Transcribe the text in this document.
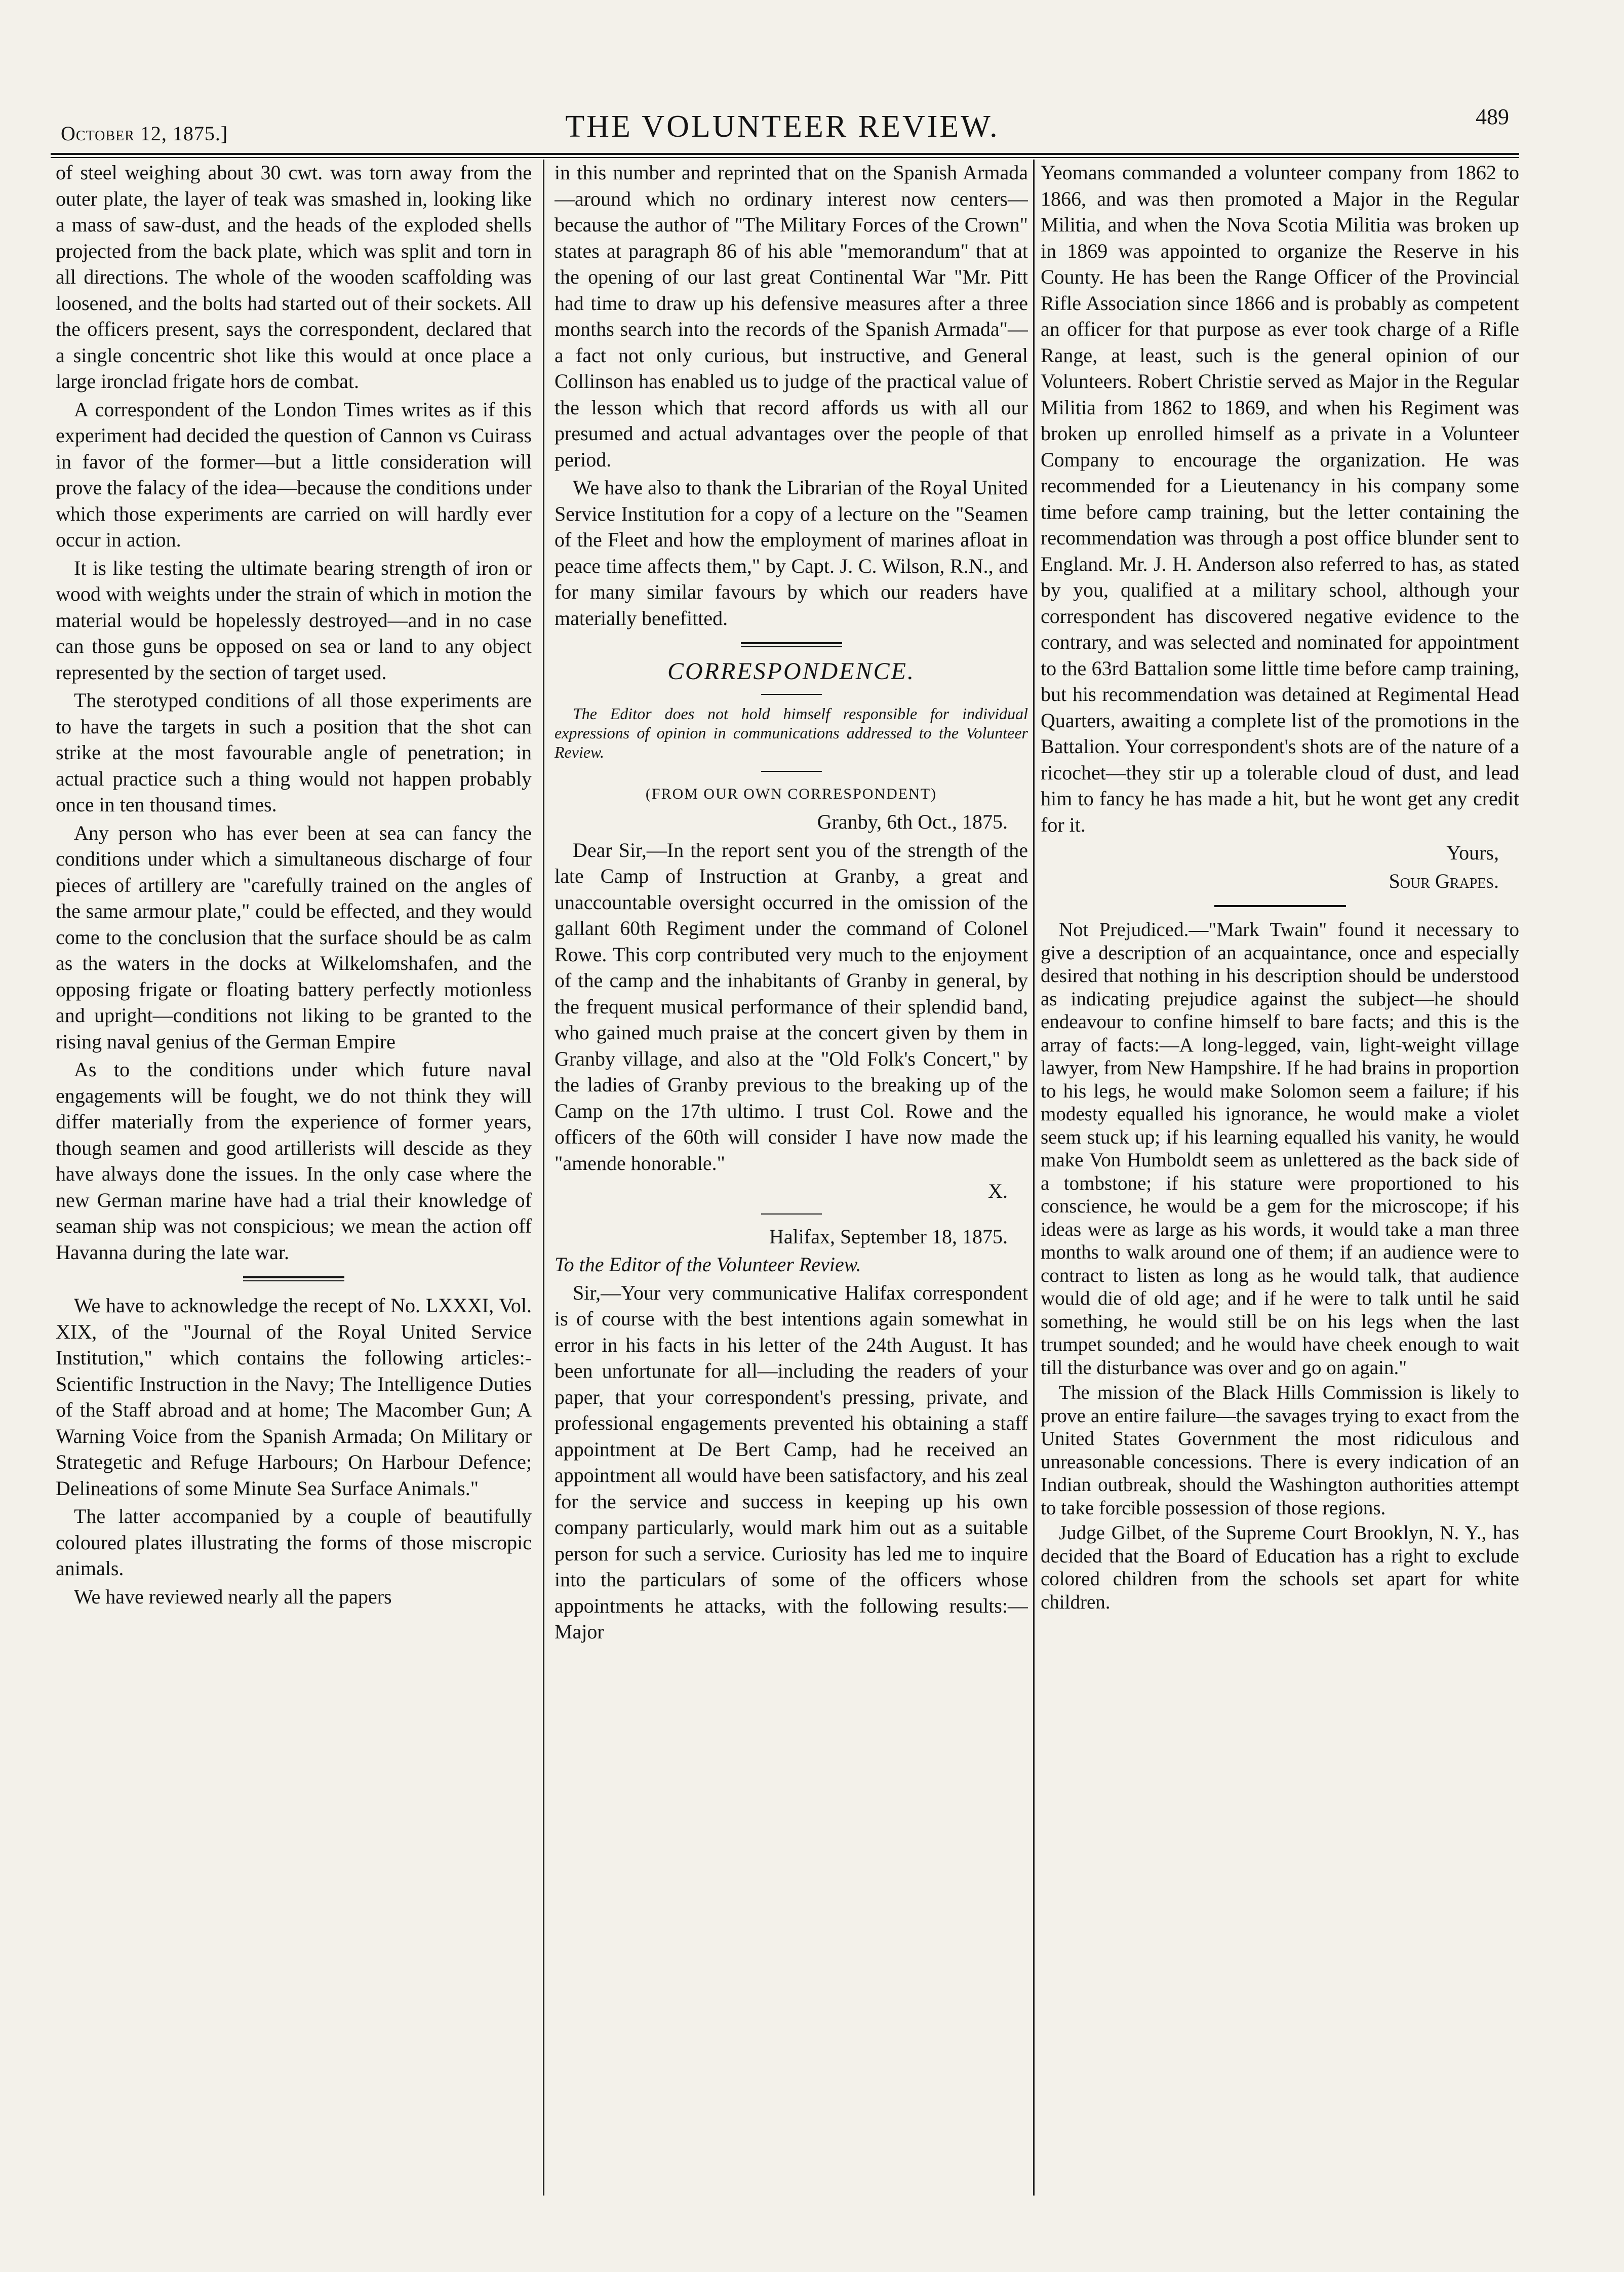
October 12, 1875.]	THE VOLUNTEER REVIEW.	489

of steel weighing about 30 cwt. was torn away from the outer plate, the layer of teak was smashed in, looking like a mass of saw-dust, and the heads of the exploded shells projected from the back plate, which was split and torn in all directions. The whole of the wooden scaffolding was loosened, and the bolts had started out of their sockets. All the officers present, says the correspondent, declared that a single concentric shot like this would at once place a large ironclad frigate hors de combat.

A correspondent of the London Times writes as if this experiment had decided the question of Cannon vs Cuirass in favor of the former—but a little consideration will prove the falacy of the idea—because the conditions under which those experiments are carried on will hardly ever occur in action.

It is like testing the ultimate bearing strength of iron or wood with weights under the strain of which in motion the material would be hopelessly destroyed—and in no case can those guns be opposed on sea or land to any object represented by the section of target used.

The sterotyped conditions of all those experiments are to have the targets in such a position that the shot can strike at the most favourable angle of penetration; in actual practice such a thing would not happen probably once in ten thousand times.

Any person who has ever been at sea can fancy the conditions under which a simultaneous discharge of four pieces of artillery are "carefully trained on the angles of the same armour plate," could be effected, and they would come to the conclusion that the surface should be as calm as the waters in the docks at Wilkelomshafen, and the opposing frigate or floating battery perfectly motionless and upright—conditions not liking to be granted to the rising naval genius of the German Empire

As to the conditions under which future naval engagements will be fought, we do not think they will differ materially from the experience of former years, though seamen and good artillerists will descide as they have always done the issues. In the only case where the new German marine have had a trial their knowledge of seaman ship was not conspicious; we mean the action off Havanna during the late war.

We have to acknowledge the recept of No. LXXXI, Vol. XIX, of the "Journal of the Royal United Service Institution," which contains the following articles:- Scientific Instruction in the Navy; The Intelligence Duties of the Staff abroad and at home; The Macomber Gun; A Warning Voice from the Spanish Armada; On Military or Strategetic and Refuge Harbours; On Harbour Defence; Delineations of some Minute Sea Surface Animals."

The latter accompanied by a couple of beautifully coloured plates illustrating the forms of those miscropic animals.

We have reviewed nearly all the papers

in this number and reprinted that on the Spanish Armada—around which no ordinary interest now centers—because the author of "The Military Forces of the Crown" states at paragraph 86 of his able "memorandum" that at the opening of our last great Continental War "Mr. Pitt had time to draw up his defensive measures after a three months search into the records of the Spanish Armada"—a fact not only curious, but instructive, and General Collinson has enabled us to judge of the practical value of the lesson which that record affords us with all our presumed and actual advantages over the people of that period.

We have also to thank the Librarian of the Royal United Service Institution for a copy of a lecture on the "Seamen of the Fleet and how the employment of marines afloat in peace time affects them," by Capt. J. C. Wilson, R.N., and for many similar favours by which our readers have materially benefitted.

CORRESPONDENCE.

The Editor does not hold himself responsible for individual expressions of opinion in communications addressed to the Volunteer Review.

(FROM OUR OWN CORRESPONDENT)

Granby, 6th Oct., 1875.

Dear Sir,—In the report sent you of the strength of the late Camp of Instruction at Granby, a great and unaccountable oversight occurred in the omission of the gallant 60th Regiment under the command of Colonel Rowe. This corp contributed very much to the enjoyment of the camp and the inhabitants of Granby in general, by the frequent musical performance of their splendid band, who gained much praise at the concert given by them in Granby village, and also at the "Old Folk's Concert," by the ladies of Granby previous to the breaking up of the Camp on the 17th ultimo. I trust Col. Rowe and the officers of the 60th will consider I have now made the "amende honorable."

X.

Halifax, September 18, 1875.

To the Editor of the Volunteer Review.

Sir,—Your very communicative Halifax correspondent is of course with the best intentions again somewhat in error in his facts in his letter of the 24th August. It has been unfortunate for all—including the readers of your paper, that your correspondent's pressing, private, and professional engagements prevented his obtaining a staff appointment at De Bert Camp, had he received an appointment all would have been satisfactory, and his zeal for the service and success in keeping up his own company particularly, would mark him out as a suitable person for such a service. Curiosity has led me to inquire into the particulars of some of the officers whose appointments he attacks, with the following results:—Major

Yeomans commanded a volunteer company from 1862 to 1866, and was then promoted a Major in the Regular Militia, and when the Nova Scotia Militia was broken up in 1869 was appointed to organize the Reserve in his County. He has been the Range Officer of the Provincial Rifle Association since 1866 and is probably as competent an officer for that purpose as ever took charge of a Rifle Range, at least, such is the general opinion of our Volunteers. Robert Christie served as Major in the Regular Militia from 1862 to 1869, and when his Regiment was broken up enrolled himself as a private in a Volunteer Company to encourage the organization. He was recommended for a Lieutenancy in his company some time before camp training, but the letter containing the recommendation was through a post office blunder sent to England. Mr. J. H. Anderson also referred to has, as stated by you, qualified at a military school, although your correspondent has discovered negative evidence to the contrary, and was selected and nominated for appointment to the 63rd Battalion some little time before camp training, but his recommendation was detained at Regimental Head Quarters, awaiting a complete list of the promotions in the Battalion. Your correspondent's shots are of the nature of a ricochet—they stir up a tolerable cloud of dust, and lead him to fancy he has made a hit, but he wont get any credit for it.

Yours,

Sour Grapes.

Not Prejudiced.—"Mark Twain" found it necessary to give a description of an acquaintance, once and especially desired that nothing in his description should be understood as indicating prejudice against the subject—he should endeavour to confine himself to bare facts; and this is the array of facts:—A long-legged, vain, light-weight village lawyer, from New Hampshire. If he had brains in proportion to his legs, he would make Solomon seem a failure; if his modesty equalled his ignorance, he would make a violet seem stuck up; if his learning equalled his vanity, he would make Von Humboldt seem as unlettered as the back side of a tombstone; if his stature were proportioned to his conscience, he would be a gem for the microscope; if his ideas were as large as his words, it would take a man three months to walk around one of them; if an audience were to contract to listen as long as he would talk, that audience would die of old age; and if he were to talk until he said something, he would still be on his legs when the last trumpet sounded; and he would have cheek enough to wait till the disturbance was over and go on again."

The mission of the Black Hills Commission is likely to prove an entire failure—the savages trying to exact from the United States Government the most ridiculous and unreasonable concessions. There is every indication of an Indian outbreak, should the Washington authorities attempt to take forcible possession of those regions.

Judge Gilbet, of the Supreme Court Brooklyn, N. Y., has decided that the Board of Education has a right to exclude colored children from the schools set apart for white children.
